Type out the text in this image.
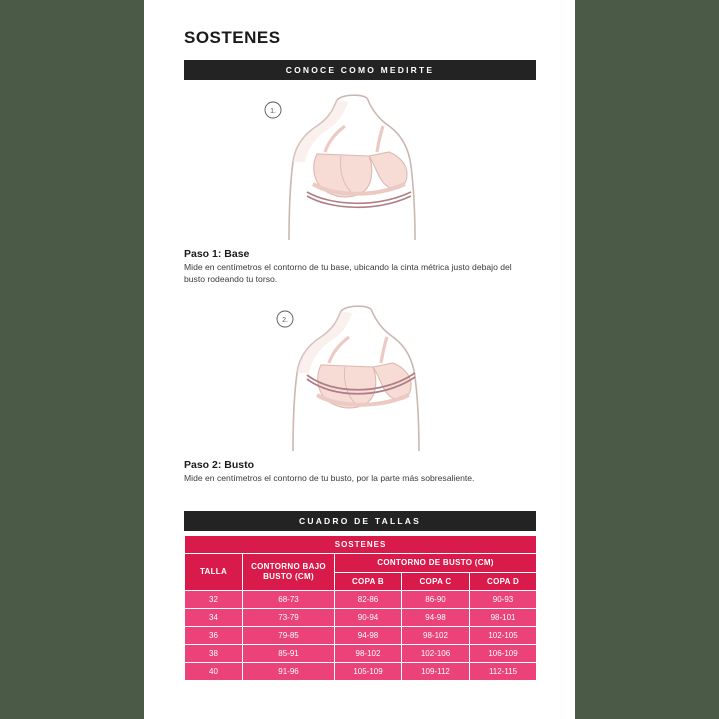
SOSTENES
CONOCE COMO MEDIRTE
1.
Paso 1: Base
Mide en centímetros el contorno de tu base, ubicando la cinta métrica justo debajo del busto rodeando tu torso.
2.
Paso 2: Busto
Mide en centímetros el contorno de tu busto, por la parte más sobresaliente.
CUADRO DE TALLAS
SOSTENES				
TALLA	CONTORNO BAJO BUSTO (CM)	CONTORNO DE BUSTO (CM)		
		COPA B	COPA C	COPA D
32	68-73	82-86	86-90	90-93
34	73-79	90-94	94-98	98-101
36	79-85	94-98	98-102	102-105
38	85-91	98-102	102-106	106-109
40	91-96	105-109	109-112	112-115
